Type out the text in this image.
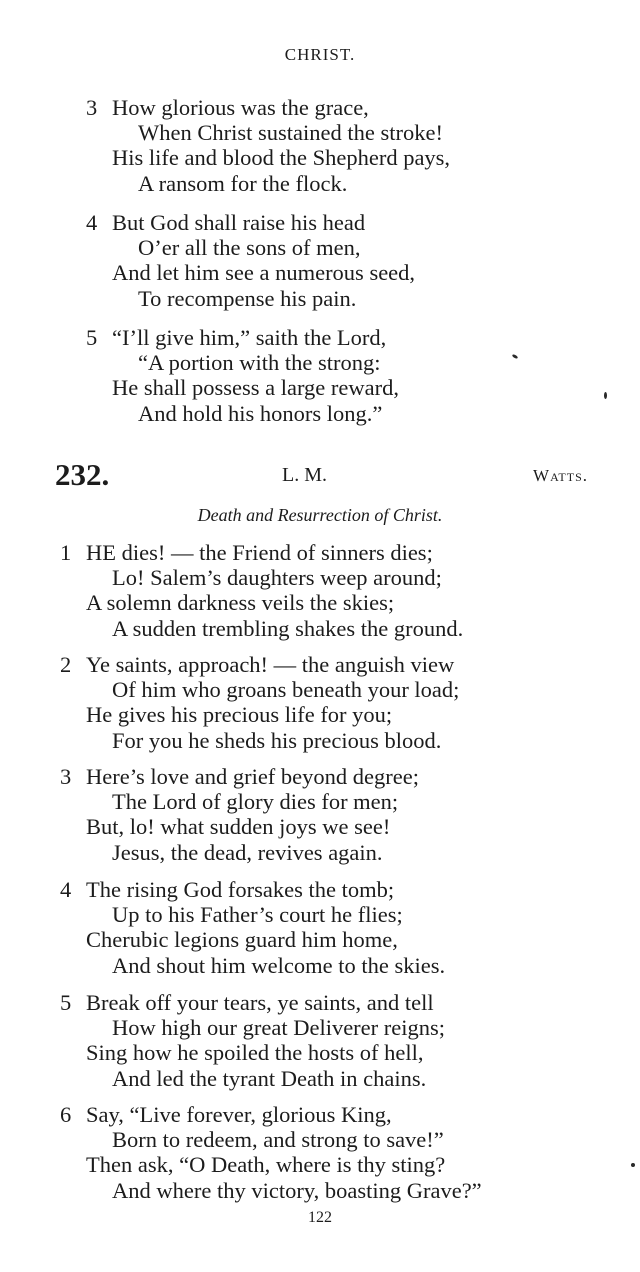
CHRIST.
3 How glorious was the grace,
When Christ sustained the stroke!
His life and blood the Shepherd pays,
A ransom for the flock.
4 But God shall raise his head
O’er all the sons of men,
And let him see a numerous seed,
To recompense his pain.
5 “I’ll give him,” saith the Lord,
“A portion with the strong:
He shall possess a large reward,
And hold his honors long.”
232.	L. M.	Watts.
Death and Resurrection of Christ.
1 HE dies! — the Friend of sinners dies;
Lo! Salem’s daughters weep around;
A solemn darkness veils the skies;
A sudden trembling shakes the ground.
2 Ye saints, approach! — the anguish view
Of him who groans beneath your load;
He gives his precious life for you;
For you he sheds his precious blood.
3 Here’s love and grief beyond degree;
The Lord of glory dies for men;
But, lo! what sudden joys we see!
Jesus, the dead, revives again.
4 The rising God forsakes the tomb;
Up to his Father’s court he flies;
Cherubic legions guard him home,
And shout him welcome to the skies.
5 Break off your tears, ye saints, and tell
How high our great Deliverer reigns;
Sing how he spoiled the hosts of hell,
And led the tyrant Death in chains.
6 Say, “Live forever, glorious King,
Born to redeem, and strong to save!”
Then ask, “O Death, where is thy sting?
And where thy victory, boasting Grave?”
122
